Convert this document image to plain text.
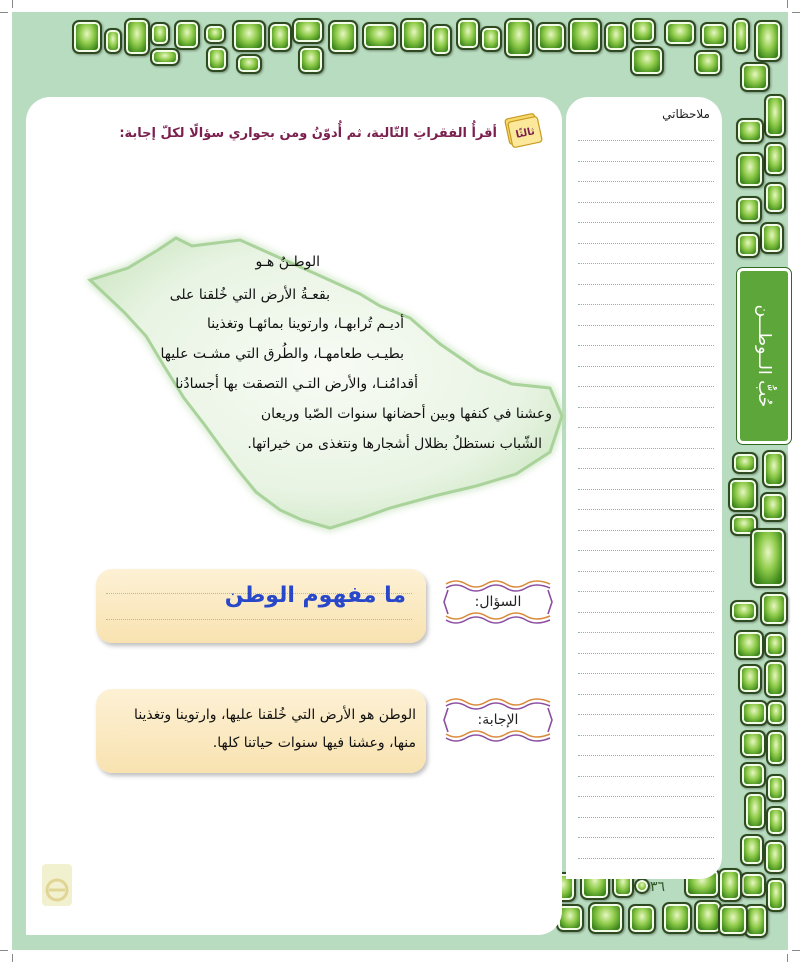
ملاحظاتي
حُبُّ الــوطـــن
ثالثًا
أقرأُ الفقراتِ التّالية، ثم أُدوّنُ ومن بجواري سؤالًا لكلّ إجابة:
الوطـنُ هـو
بقعـةُ الأرض التي خُلقنا على
أديـم تُرابهـا، وارتوينا بمائهـا وتغذينا
بطيـب طعامهـا، والطُرق التي مشـت عليها
أقدامُنـا، والأرض التـي التصقت بها أجسادُنا
وعشنا في كنفها وبين أحضانها سنوات الصّبا وريعان
الشّباب نستظلُ بظلال أشجارها ونتغذى من خيراتها.
السؤال:
ما مفهوم الوطن
الإجابة:
الوطن هو الأرض التي خُلقنا عليها، وارتوينا وتغذينا
منها، وعشنا فيها سنوات حياتنا كلها.
٣٦
